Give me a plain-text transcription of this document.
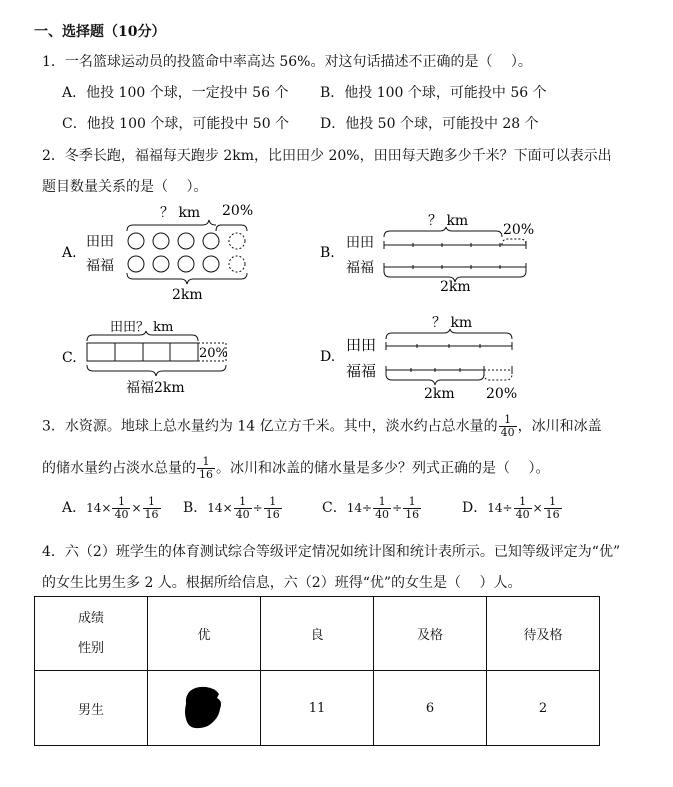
一、选择题（10分）
1．一名篮球运动员的投篮命中率高达 56%。对这句话描述不正确的是（　 ）。
A．他投 100 个球，一定投中 56 个 B．他投 100 个球，可能投中 56 个
C．他投 100 个球，可能投中 50 个 D．他投 50 个球，可能投中 28 个
2．冬季长跑，福福每天跑步 2km，比田田少 20%，田田每天跑多少千米？下面可以表示出
题目数量关系的是（　 ）。
A.
田田
福福
？ km 20%
2km
B.
田田
福福
？ km
20%
2km
C.
田田？ km
20%
福福2km
D.
田田
福福
？ km
2km 20%
3．水资源。地球上总水量约为 14 亿立方千米。其中，淡水约占总水量的 $\frac{1}{40}$ ，冰川和冰盖
的储水量约占淡水总量的 $\frac{1}{16}$ 。冰川和冰盖的储水量是多少？列式正确的是（　 ）。
A．$14\times \frac{1}{40} \times \frac{1}{16}$ B．$14\times \frac{1}{40} \div \frac{1}{16}$	C．$14\div \frac{1}{40} \div \frac{1}{16}$	D．$14\div \frac{1}{40} \times \frac{1}{16}$
4．六（2）班学生的体育测试综合等级评定情况如统计图和统计表所示。已知等级评定为“优”
的女生比男生多 2 人。根据所给信息，六（2）班得“优”的女生是（　 ）人。
成绩
性别	优	良	及格	待及格
男生		11	6	2
